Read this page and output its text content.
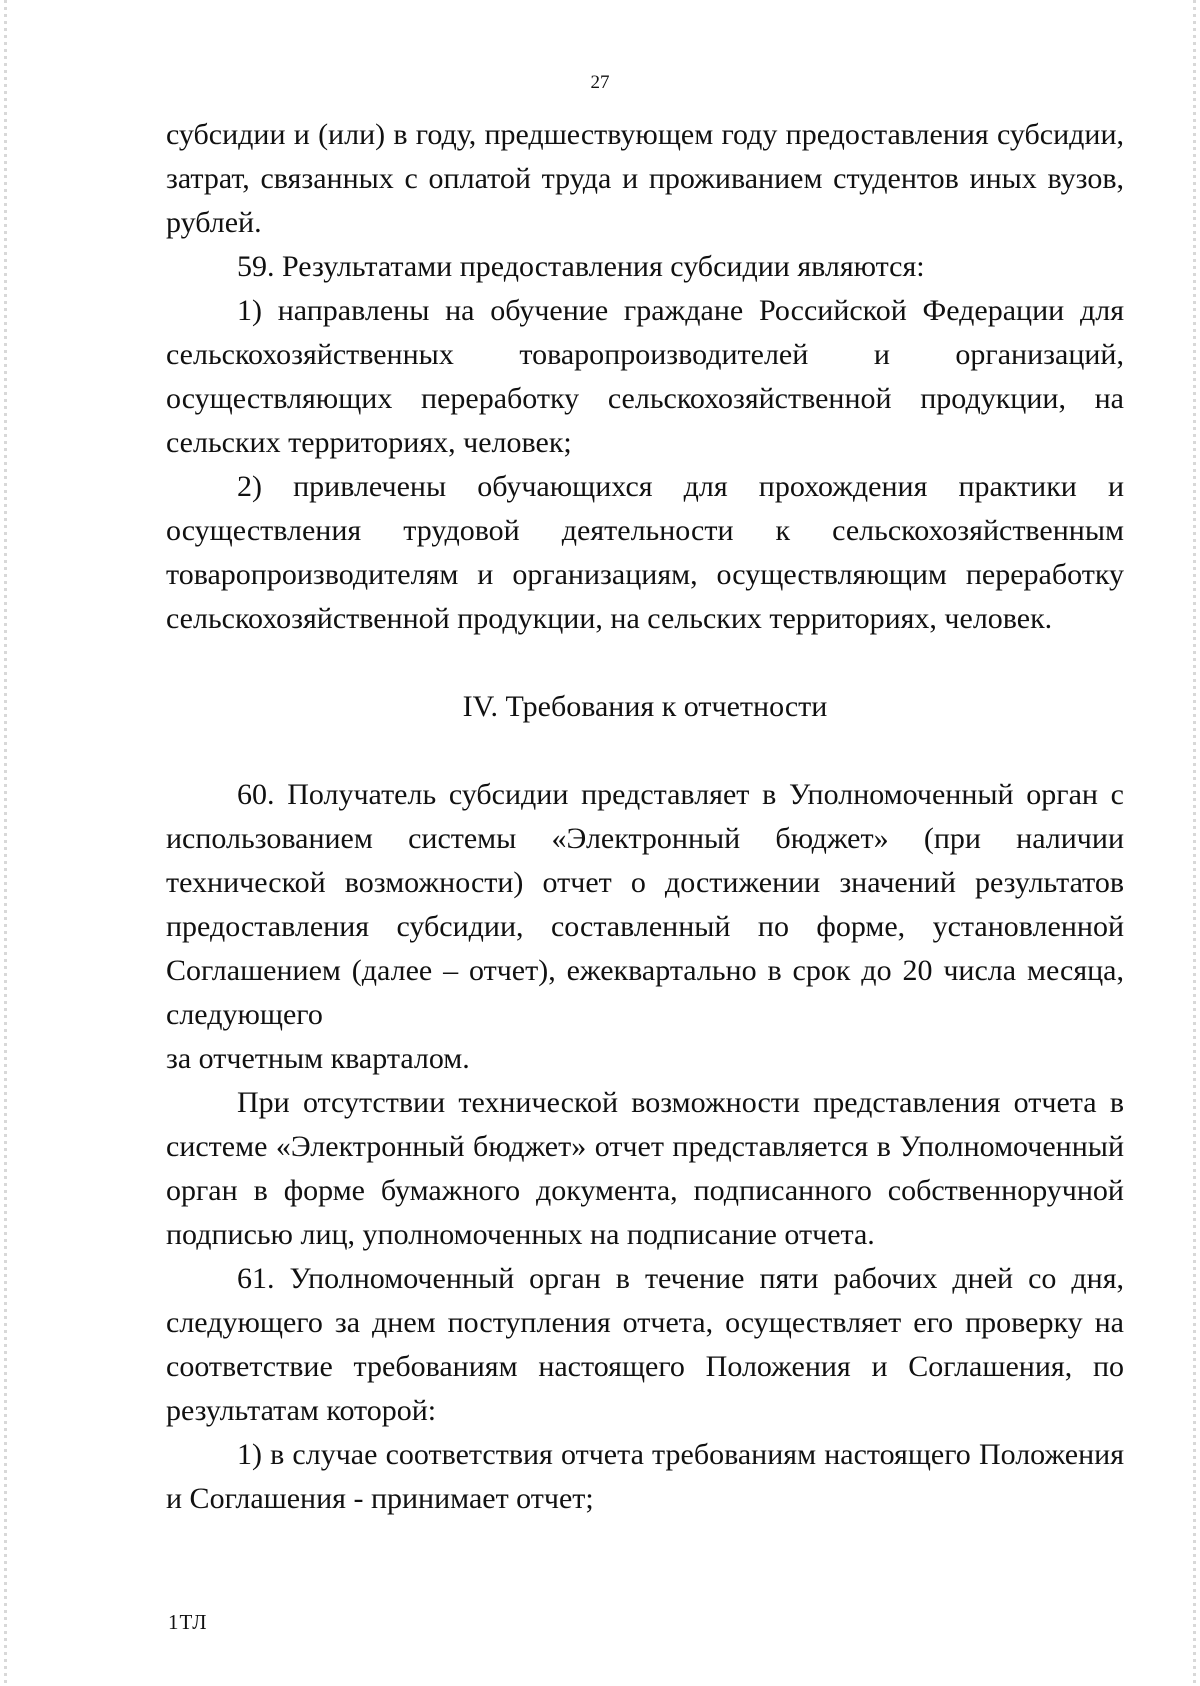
27

субсидии и (или) в году, предшествующем году предоставления субсидии, затрат, связанных с оплатой труда и проживанием студентов иных вузов, рублей.

59. Результатами предоставления субсидии являются:

1) направлены на обучение граждане Российской Федерации для сельскохозяйственных товаропроизводителей и организаций, осуществляющих переработку сельскохозяйственной продукции, на сельских территориях, человек;

2) привлечены обучающихся для прохождения практики и осуществления трудовой деятельности к сельскохозяйственным товаропроизводителям и организациям, осуществляющим переработку сельскохозяйственной продукции, на сельских территориях, человек.

IV. Требования к отчетности

60. Получатель субсидии представляет в Уполномоченный орган с использованием системы «Электронный бюджет» (при наличии технической возможности) отчет о достижении значений результатов предоставления субсидии, составленный по форме, установленной Соглашением (далее – отчет), ежеквартально в срок до 20 числа месяца, следующего

за отчетным кварталом.

При отсутствии технической возможности представления отчета в системе «Электронный бюджет» отчет представляется в Уполномоченный орган в форме бумажного документа, подписанного собственноручной подписью лиц, уполномоченных на подписание отчета.

61. Уполномоченный орган в течение пяти рабочих дней со дня, следующего за днем поступления отчета, осуществляет его проверку на соответствие требованиям настоящего Положения и Соглашения, по результатам которой:

1) в случае соответствия отчета требованиям настоящего Положения и Соглашения - принимает отчет;

1ТЛ
